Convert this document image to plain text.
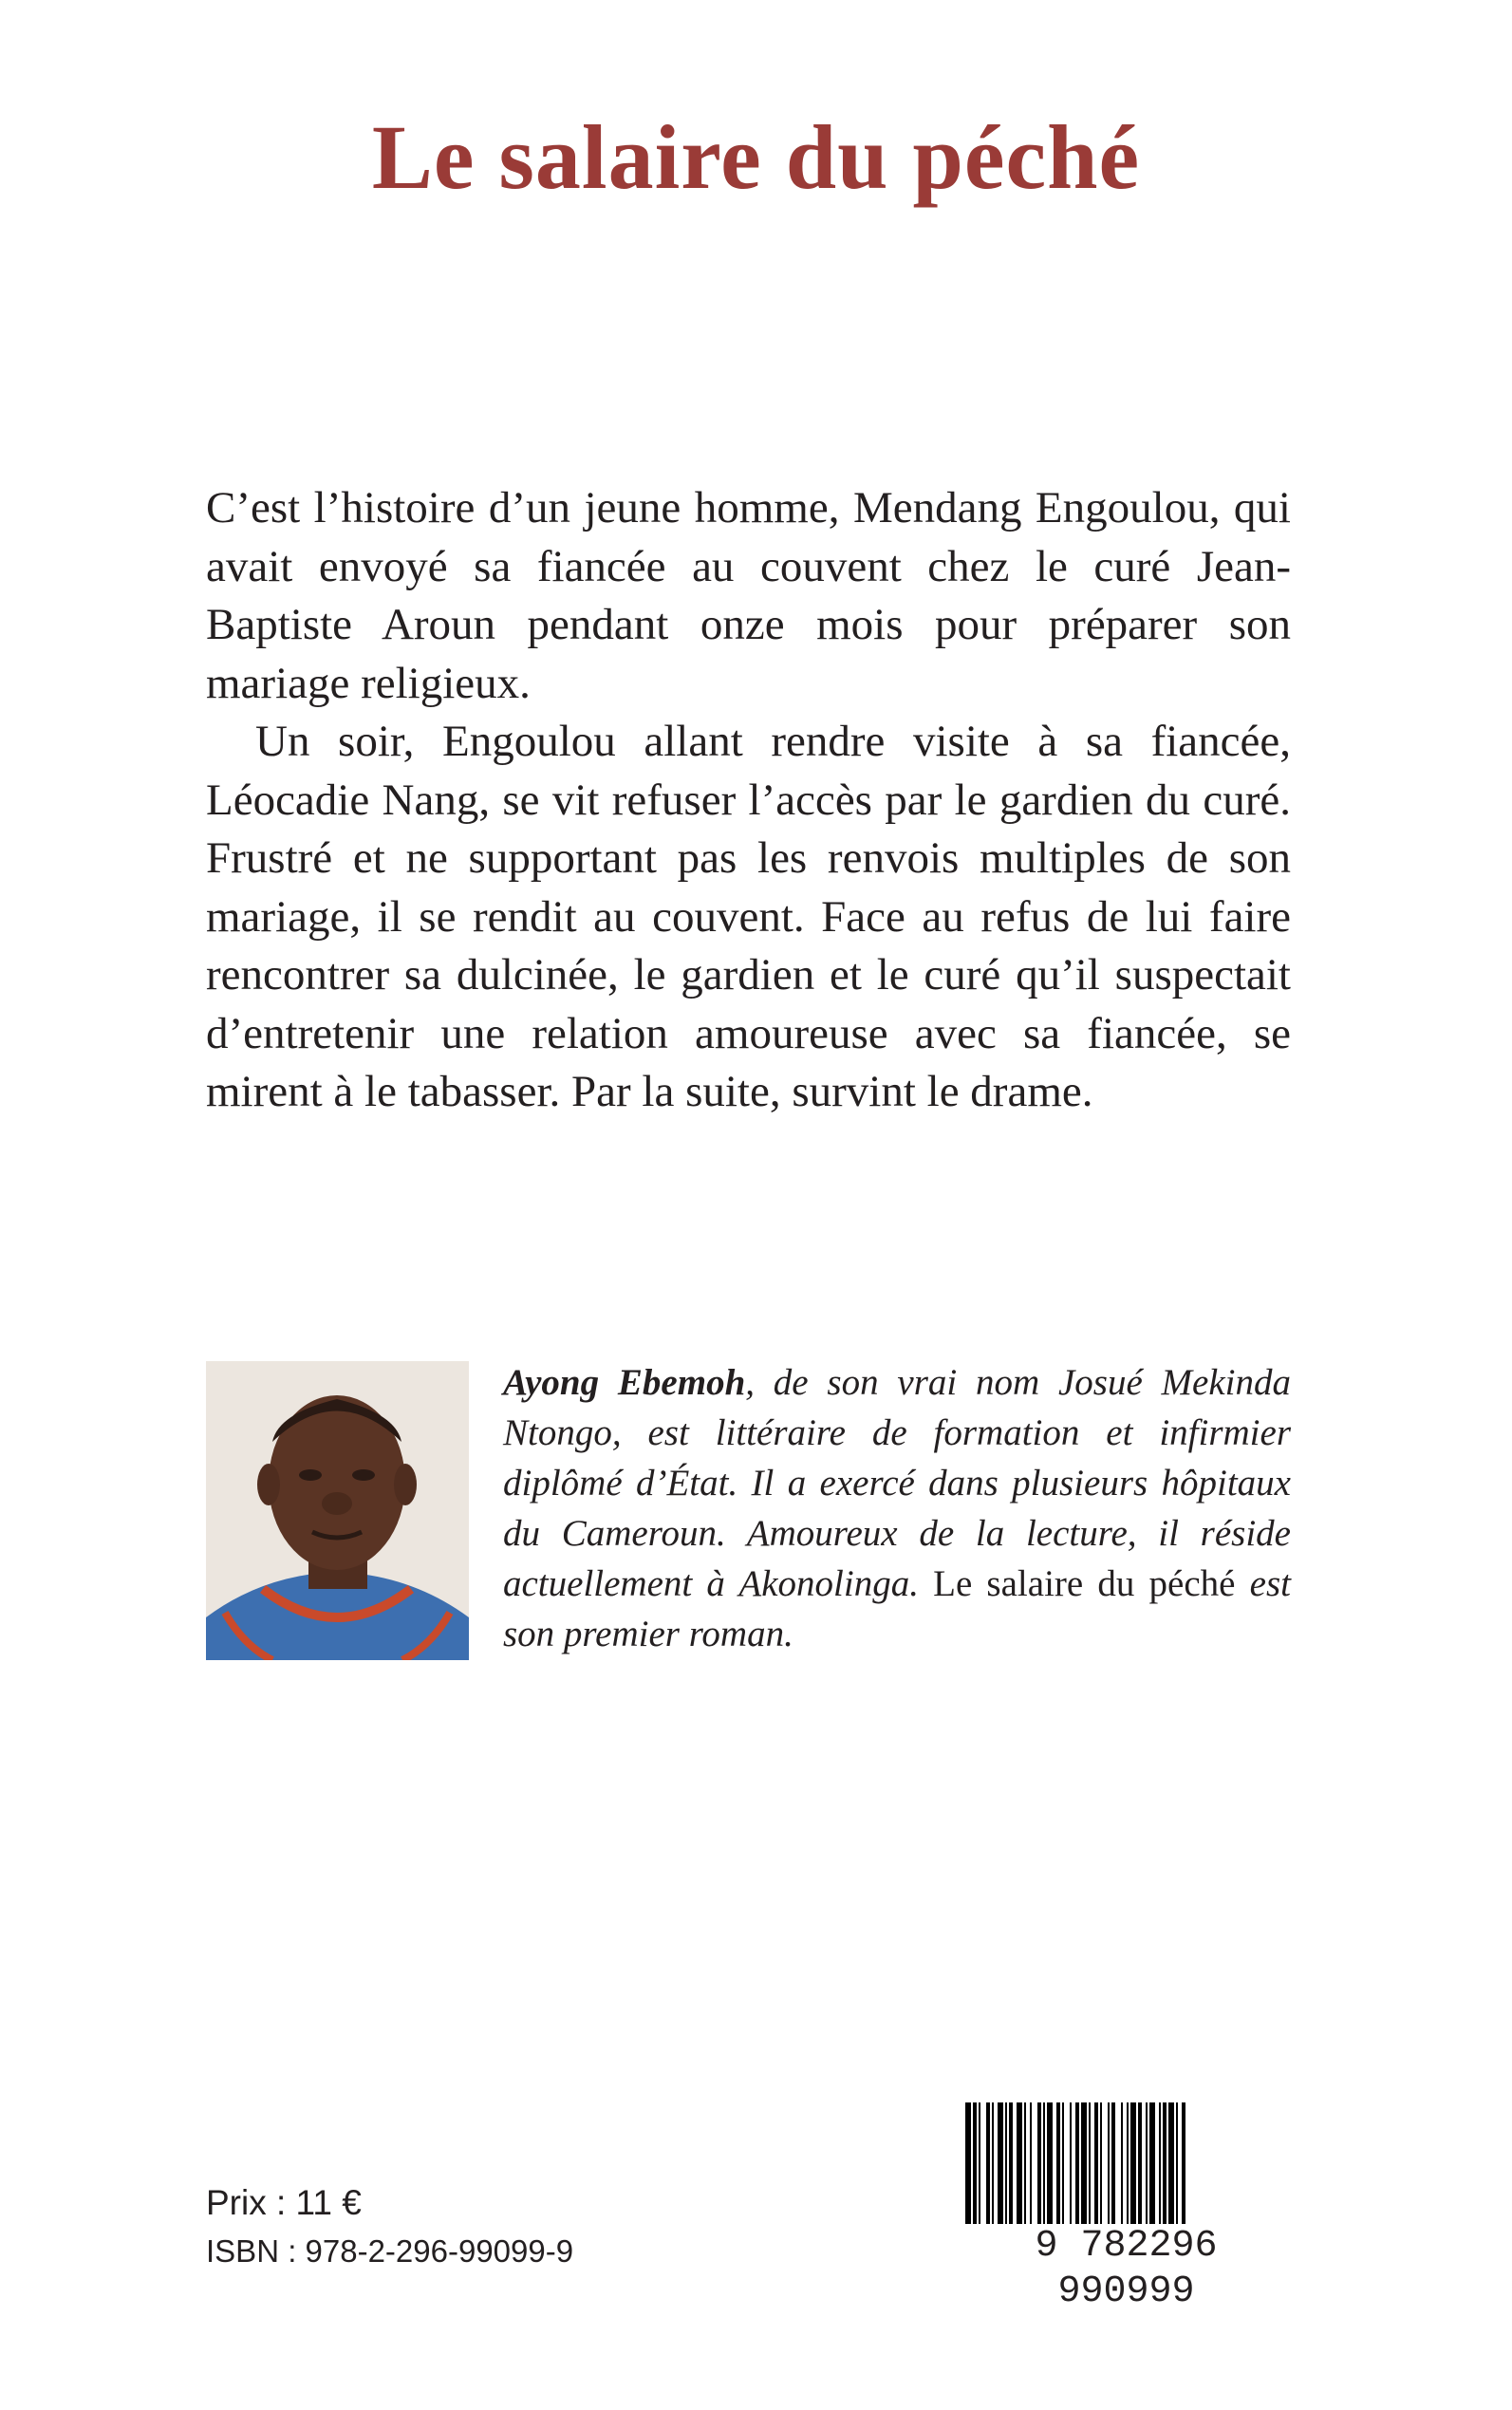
Le salaire du péché

C’est l’histoire d’un jeune homme, Mendang Engoulou, qui avait envoyé sa fiancée au couvent chez le curé Jean-Baptiste Aroun pendant onze mois pour préparer son mariage religieux.

Un soir, Engoulou allant rendre visite à sa fiancée, Léocadie Nang, se vit refuser l’accès par le gardien du curé. Frustré et ne supportant pas les renvois multiples de son mariage, il se rendit au couvent. Face au refus de lui faire rencontrer sa dulcinée, le gardien et le curé qu’il suspectait d’entretenir une relation amoureuse avec sa fiancée, se mirent à le tabasser. Par la suite, survint le drame.

Ayong Ebemoh, de son vrai nom Josué Mekinda Ntongo, est littéraire de formation et infirmier diplômé d’État. Il a exercé dans plusieurs hôpitaux du Cameroun. Amoureux de la lecture, il réside actuellement à Akonolinga. Le salaire du péché est son premier roman.
Prix : 11 €
ISBN : 978-2-296-99099-9	9 782296 990999
